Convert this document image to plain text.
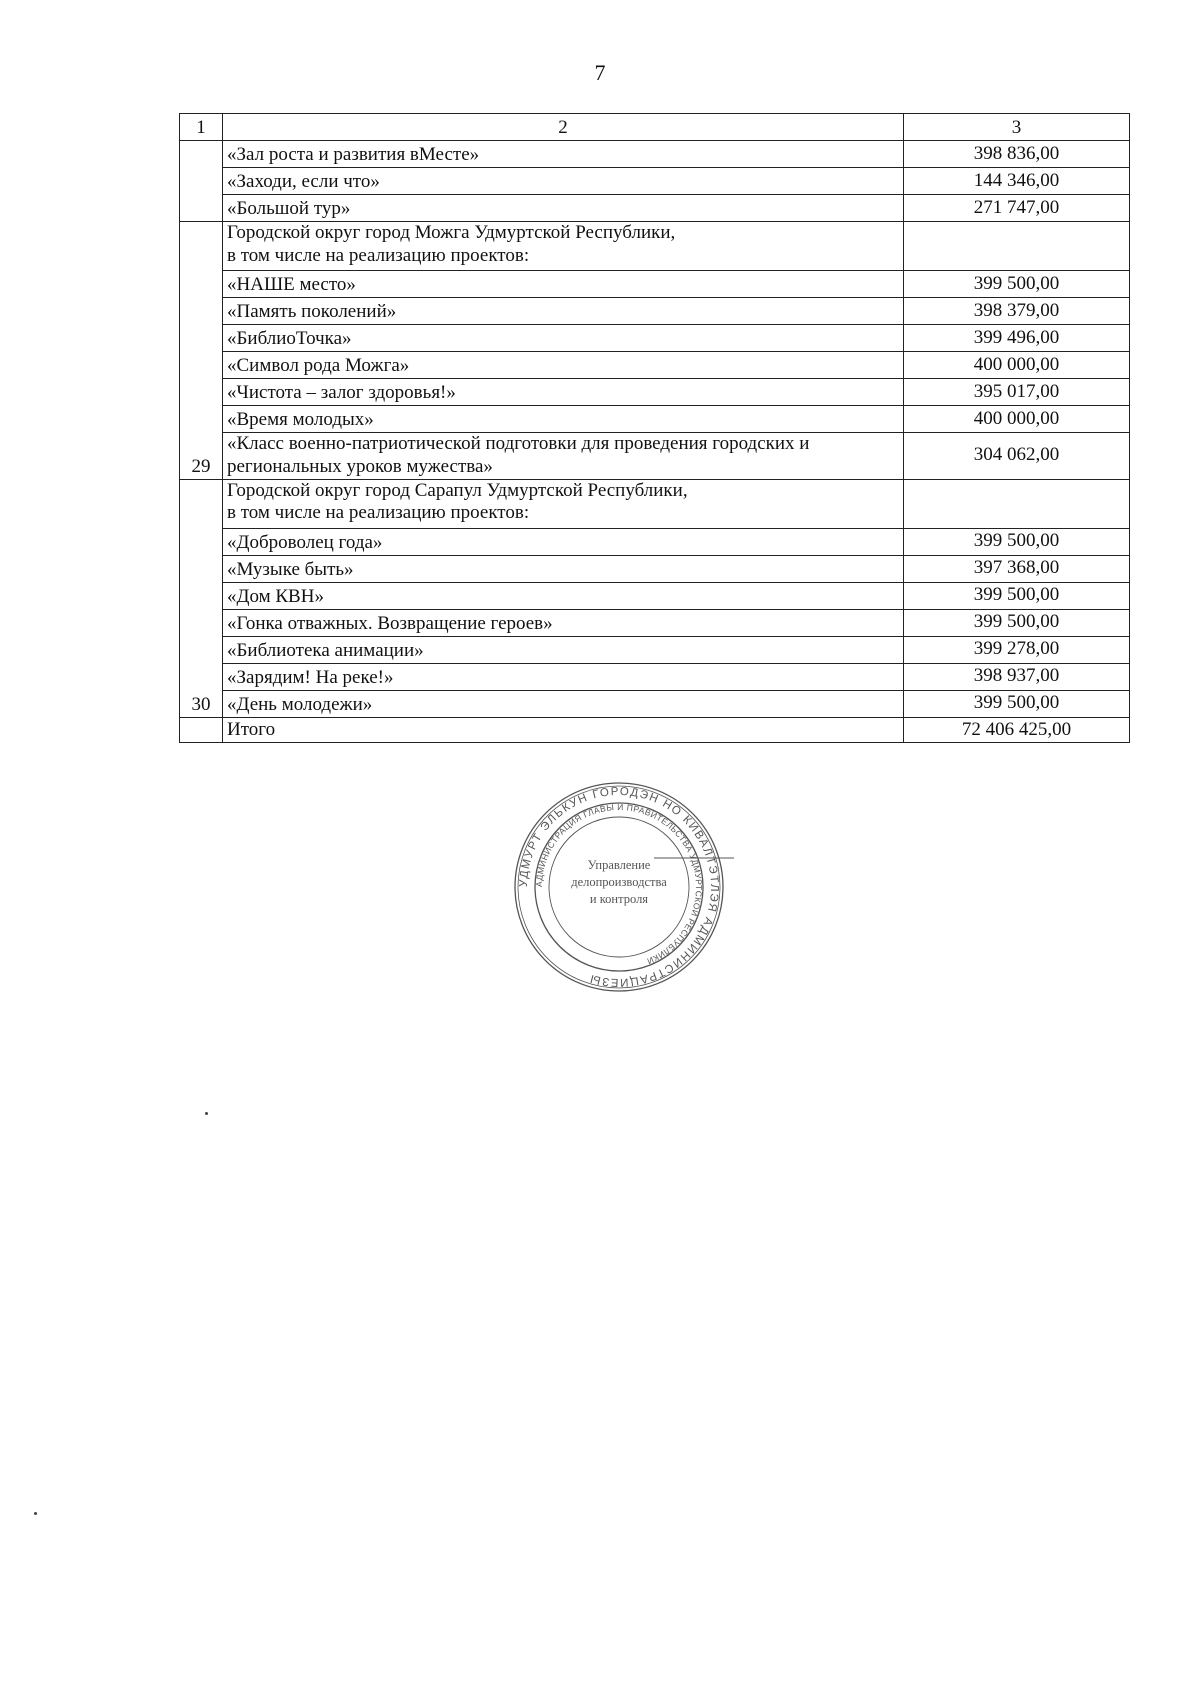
7
1	2	3
	«Зал роста и развития вМесте»	398 836,00
	«Заходи, если что»	144 346,00
	«Большой тур»	271 747,00
29	Городской округ город Можга Удмуртской Республики,
в том числе на реализацию проектов:	

	«НАШЕ место»	399 500,00
	«Память поколений»	398 379,00
	«БиблиоТочка»	399 496,00
	«Символ рода Можга»	400 000,00
	«Чистота – залог здоровья!»	395 017,00
	«Время молодых»	400 000,00
	«Класс военно-патриотической подготовки для проведения городских и региональных уроков мужества»	304 062,00
30	Городской округ город Сарапул Удмуртской Республики,
в том числе на реализацию проектов:	

	«Доброволец года»	399 500,00
	«Музыке быть»	397 368,00
	«Дом КВН»	399 500,00
	«Гонка отважных. Возвращение героев»	399 500,00
	«Библиотека анимации»	399 278,00
	«Зарядим! На реке!»	398 937,00
	«День молодежи»	399 500,00
	Итого	72 406 425,00
УДМУРТ ЭЛЬКУН ГОРОДЭН НО КИВАЛТЭТЛЭЯ АДМИНИСТРАЦИЕЗЫ
АДМИНИСТРАЦИЯ ГЛАВЫ И ПРАВИТЕЛЬСТВА УДМУРТСКОЙ РЕСПУБЛИКИ
Управление
делопроизводства
и контроля
